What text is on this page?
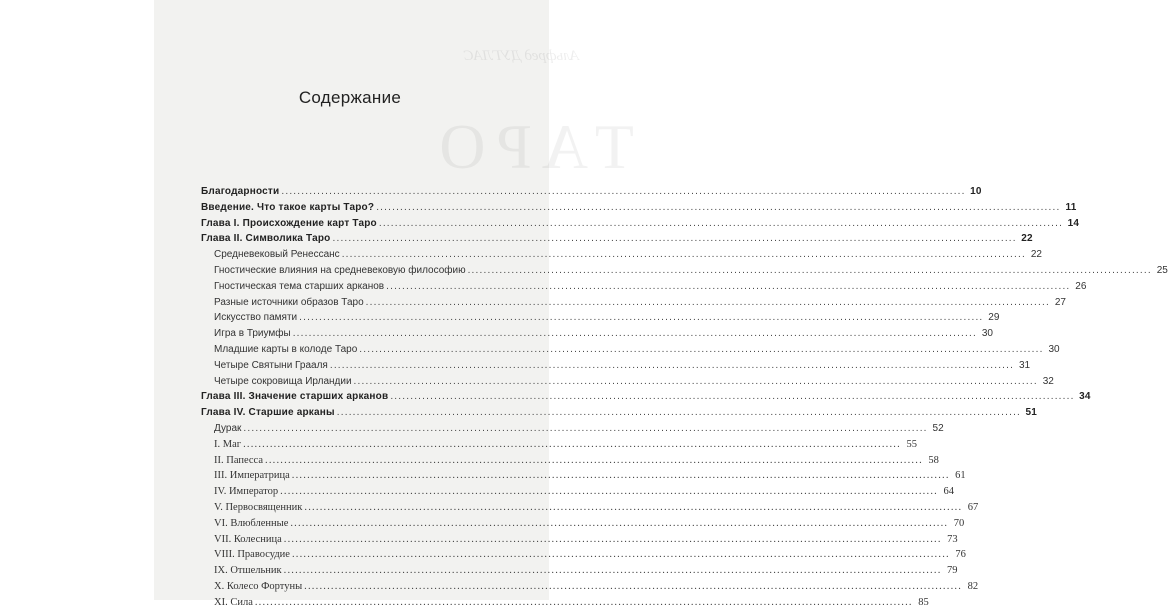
Альфред ДУГЛАС
ТАРО
Содержание
Благодарности .....	10
Введение. Что такое карты Таро? .....	11
Глава I. Происхождение карт Таро .....	14
Глава II. Символика Таро .....	22
Средневековый Ренессанс .....	22
Гностические влияния на средневековую философию .....	25
Гностическая тема старших арканов .....	26
Разные источники образов Таро .....	27
Искусство памяти .....	29
Игра в Триумфы .....	30
Младшие карты в колоде Таро .....	30
Четыре Святыни Грааля .....	31
Четыре сокровища Ирландии .....	32
Глава III. Значение старших арканов .....	34
Глава IV. Старшие арканы .....	51
Дурак .....	52
I. Маг .....	55
II. Папесса .....	58
III. Императрица .....	61
IV. Император .....	64
V. Первосвященник .....	67
VI. Влюбленные .....	70
VII. Колесница .....	73
VIII. Правосудие .....	76
IX. Отшельник .....	79
X. Колесо Фортуны .....	82
XI. Сила .....	85
